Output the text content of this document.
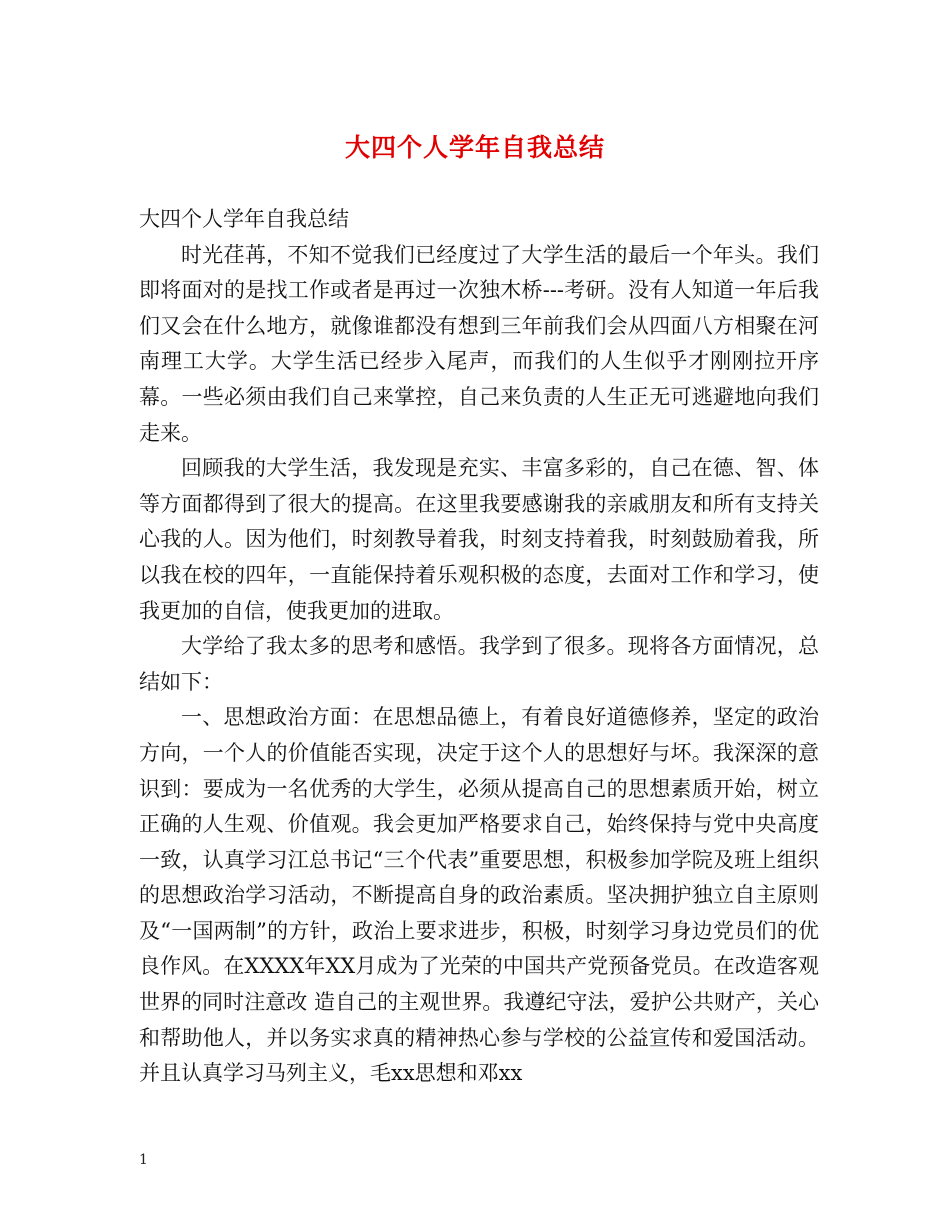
大四个人学年自我总结

大四个人学年自我总结

时光荏苒，不知不觉我们已经度过了大学生活的最后一个年头。我们即将面对的是找工作或者是再过一次独木桥---考研。没有人知道一年后我们又会在什么地方，就像谁都没有想到三年前我们会从四面八方相聚在河南理工大学。大学生活已经步入尾声，而我们的人生似乎才刚刚拉开序幕。一些必须由我们自己来掌控，自己来负责的人生正无可逃避地向我们走来。

回顾我的大学生活，我发现是充实、丰富多彩的，自己在德、智、体等方面都得到了很大的提高。在这里我要感谢我的亲戚朋友和所有支持关心我的人。因为他们，时刻教导着我，时刻支持着我，时刻鼓励着我，所以我在校的四年，一直能保持着乐观积极的态度，去面对工作和学习，使我更加的自信，使我更加的进取。

大学给了我太多的思考和感悟。我学到了很多。现将各方面情况，总结如下：

一、思想政治方面：在思想品德上，有着良好道德修养，坚定的政治方向，一个人的价值能否实现，决定于这个人的思想好与坏。我深深的意识到：要成为一名优秀的大学生，必须从提高自己的思想素质开始，树立正确的人生观、价值观。我会更加严格要求自己，始终保持与党中央高度一致，认真学习江总书记“三个代表”重要思想，积极参加学院及班上组织的思想政治学习活动，不断提高自身的政治素质。坚决拥护独立自主原则及“一国两制”的方针，政治上要求进步，积极，时刻学习身边党员们的优良作风。在XXXX年XX月成为了光荣的中国共产党预备党员。在改造客观世界的同时注意改 造自己的主观世界。我遵纪守法，爱护公共财产，关心和帮助他人，并以务实求真的精神热心参与学校的公益宣传和爱国活动。并且认真学习马列主义，毛xx思想和邓xx

1
